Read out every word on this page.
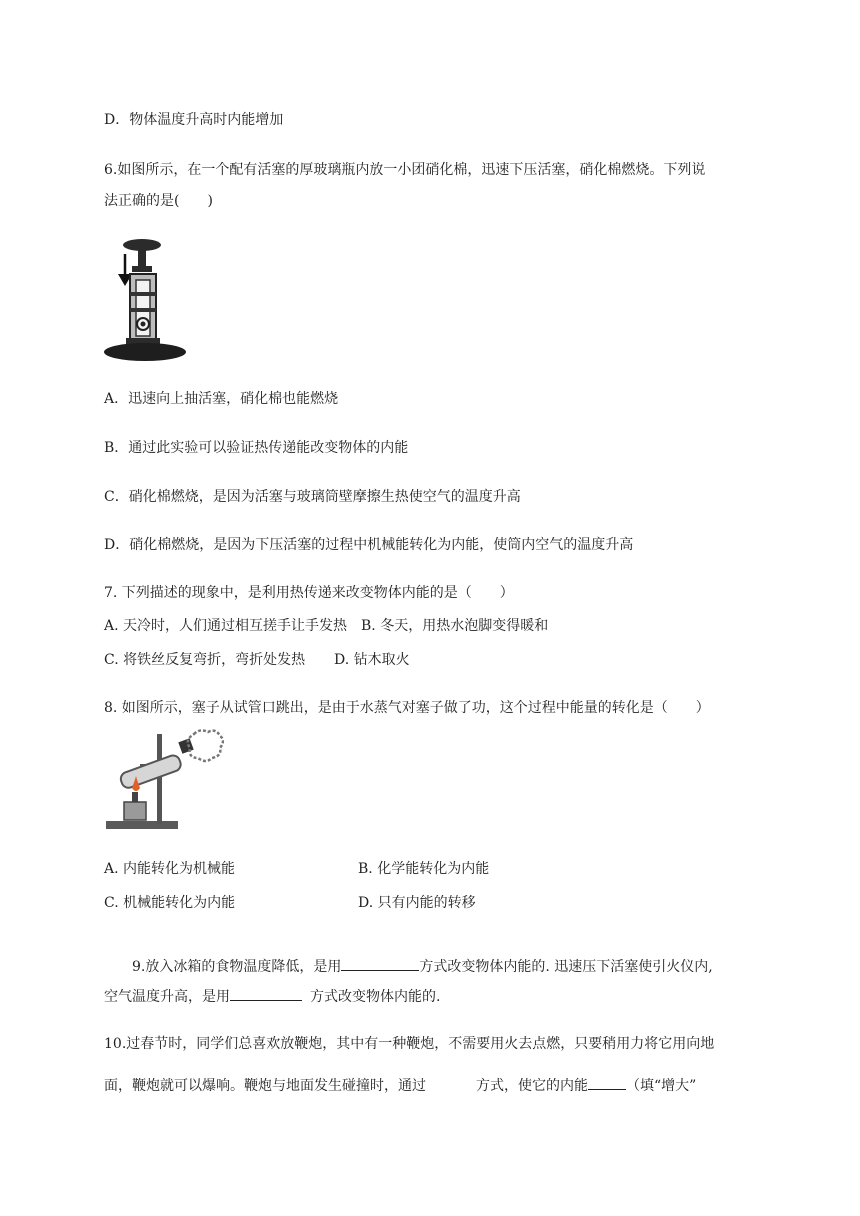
D．物体温度升高时内能增加
6.如图所示，在一个配有活塞的厚玻璃瓶内放一小团硝化棉，迅速下压活塞，硝化棉燃烧。下列说
法正确的是(　　)
A．迅速向上抽活塞，硝化棉也能燃烧
B．通过此实验可以验证热传递能改变物体的内能
C．硝化棉燃烧，是因为活塞与玻璃筒壁摩擦生热使空气的温度升高
D．硝化棉燃烧，是因为下压活塞的过程中机械能转化为内能，使筒内空气的温度升高
7. 下列描述的现象中，是利用热传递来改变物体内能的是（　　）
A. 天冷时，人们通过相互搓手让手发热　B. 冬天，用热水泡脚变得暖和
C. 将铁丝反复弯折，弯折处发热 D. 钻木取火
8. 如图所示，塞子从试管口跳出，是由于水蒸气对塞子做了功，这个过程中能量的转化是（　　）
A. 内能转化为机械能	B. 化学能转化为内能
C. 机械能转化为内能	D. 只有内能的转移
9.放入冰箱的食物温度降低，是用	方式改变物体内能的. 迅速压下活塞使引火仪内,
空气温度升高，是用	方式改变物体内能的.
10.过春节时，同学们总喜欢放鞭炮，其中有一种鞭炮，不需要用火去点燃，只要稍用力将它用向地
面，鞭炮就可以爆响。鞭炮与地面发生碰撞时，通过	方式，使它的内能	（填“增大”
